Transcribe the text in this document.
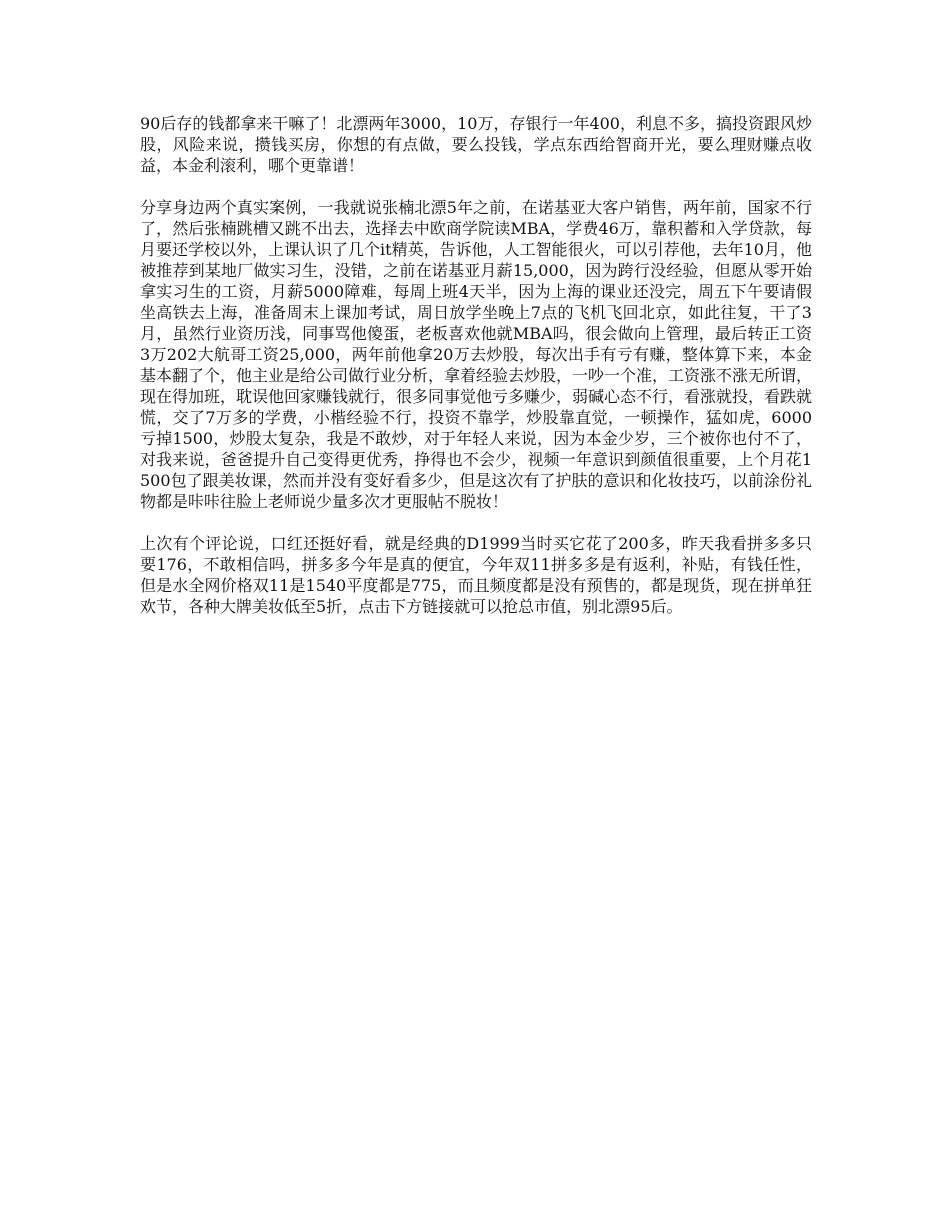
90后存的钱都拿来干嘛了！北漂两年3000，10万，存银行一年400，利息不多，搞投资跟风炒股，风险来说，攒钱买房，你想的有点做，要么投钱，学点东西给智商开光，要么理财赚点收益，本金利滚利，哪个更靠谱！

分享身边两个真实案例，一我就说张楠北漂5年之前，在诺基亚大客户销售，两年前，国家不行了，然后张楠跳槽又跳不出去，选择去中欧商学院读MBA，学费46万，靠积蓄和入学贷款，每月要还学校以外，上课认识了几个it精英，告诉他，人工智能很火，可以引荐他，去年10月，他被推荐到某地厂做实习生，没错，之前在诺基亚月薪15,000，因为跨行没经验，但愿从零开始拿实习生的工资，月薪5000障难，每周上班4天半，因为上海的课业还没完，周五下午要请假坐高铁去上海，准备周末上课加考试，周日放学坐晚上7点的飞机飞回北京，如此往复，干了3月，虽然行业资历浅，同事骂他傻蛋，老板喜欢他就MBA吗，很会做向上管理，最后转正工资3万202大航哥工资25,000，两年前他拿20万去炒股，每次出手有亏有赚，整体算下来，本金基本翻了个，他主业是给公司做行业分析，拿着经验去炒股，一吵一个准，工资涨不涨无所谓，现在得加班，耽误他回家赚钱就行，很多同事觉他亏多赚少，弱碱心态不行，看涨就投，看跌就慌，交了7万多的学费，小楷经验不行，投资不靠学，炒股靠直觉，一顿操作，猛如虎，6000亏掉1500，炒股太复杂，我是不敢炒，对于年轻人来说，因为本金少岁，三个被你也付不了，对我来说，爸爸提升自己变得更优秀，挣得也不会少，视频一年意识到颜值很重要，上个月花1500包了跟美妆课，然而并没有变好看多少，但是这次有了护肤的意识和化妆技巧，以前涂份礼物都是咔咔往脸上老师说少量多次才更服帖不脱妆！

上次有个评论说，口红还挺好看，就是经典的D1999当时买它花了200多，昨天我看拼多多只要176，不敢相信吗，拼多多今年是真的便宜，今年双11拼多多是有返利，补贴，有钱任性，但是水全网价格双11是1540平度都是775，而且频度都是没有预售的，都是现货，现在拼单狂欢节，各种大牌美妆低至5折，点击下方链接就可以抢总市值，别北漂95后。
